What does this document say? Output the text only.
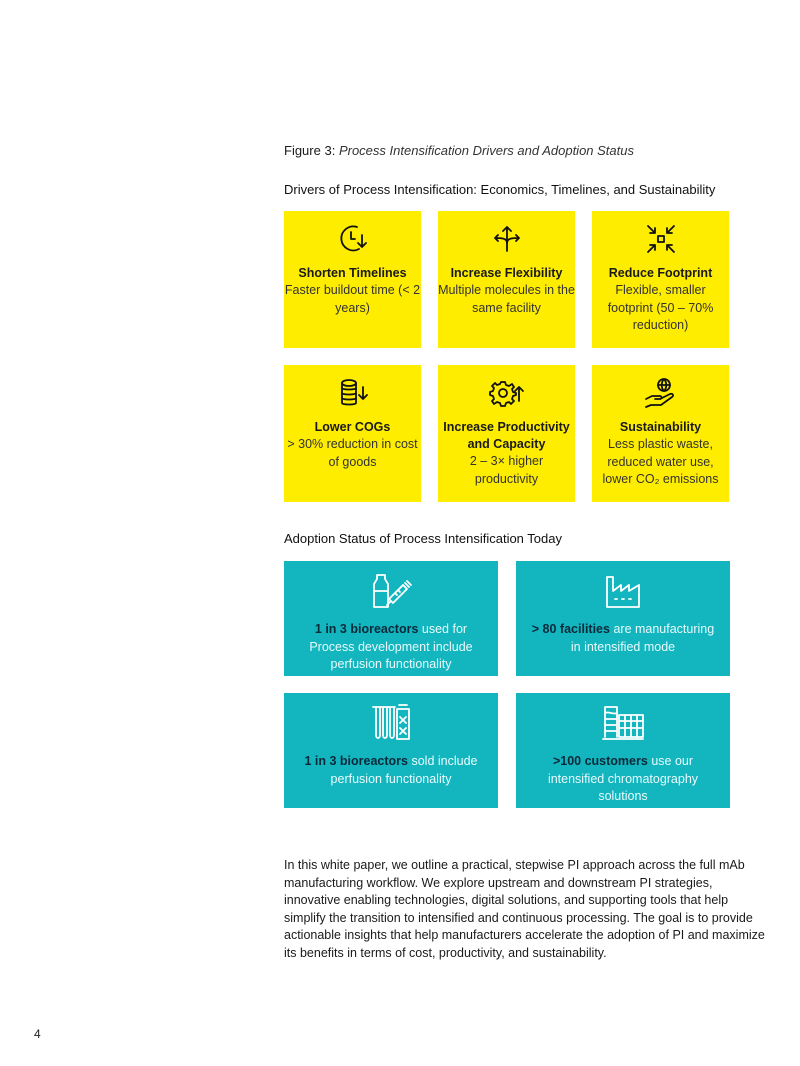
Figure 3: Process Intensification Drivers and Adoption Status
Drivers of Process Intensification: Economics, Timelines, and Sustainability
Shorten Timelines
Faster buildout time (< 2 years)
Increase Flexibility
Multiple molecules in the same facility
Reduce Footprint
Flexible, smaller footprint (50 – 70% reduction)
Lower COGs
> 30% reduction in cost of goods
Increase Productivity and Capacity
2 – 3× higher productivity
Sustainability
Less plastic waste, reduced water use, lower CO₂ emissions
Adoption Status of Process Intensification Today
1 in 3 bioreactors used for Process development include perfusion functionality
> 80 facilities are manufacturing in intensified mode
1 in 3 bioreactors sold include perfusion functionality
>100 customers use our intensified chromatography solutions
In this white paper, we outline a practical, stepwise PI approach across the full mAb manufacturing workflow. We explore upstream and downstream PI strategies, innovative enabling technologies, digital solutions, and supporting tools that help simplify the transition to intensified and continuous processing. The goal is to provide actionable insights that help manufacturers accelerate the adoption of PI and maximize its benefits in terms of cost, productivity, and sustainability.
4
